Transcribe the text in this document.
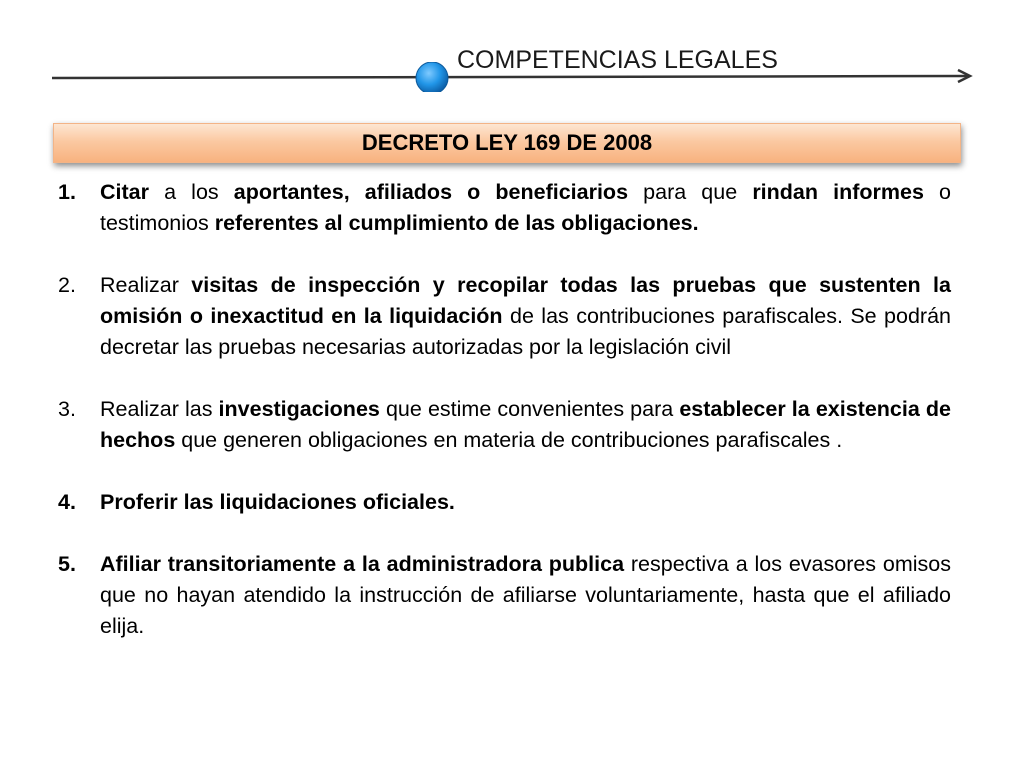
COMPETENCIAS LEGALES
DECRETO LEY 169 DE 2008
1.	Citar a los aportantes, afiliados o beneficiarios para que rindan informes o testimonios referentes al cumplimiento de las obligaciones.
2.	Realizar visitas de inspección y recopilar todas las pruebas que sustenten la omisión o inexactitud en la liquidación de las contribuciones parafiscales. Se podrán decretar las pruebas necesarias autorizadas por la legislación civil
3.	Realizar las investigaciones que estime convenientes para establecer la existencia de hechos que generen obligaciones en materia de contribuciones parafiscales .
4.	Proferir las liquidaciones oficiales.
5.	Afiliar transitoriamente a la administradora publica respectiva a los evasores omisos que no hayan atendido la instrucción de afiliarse voluntariamente, hasta que el afiliado elija.
